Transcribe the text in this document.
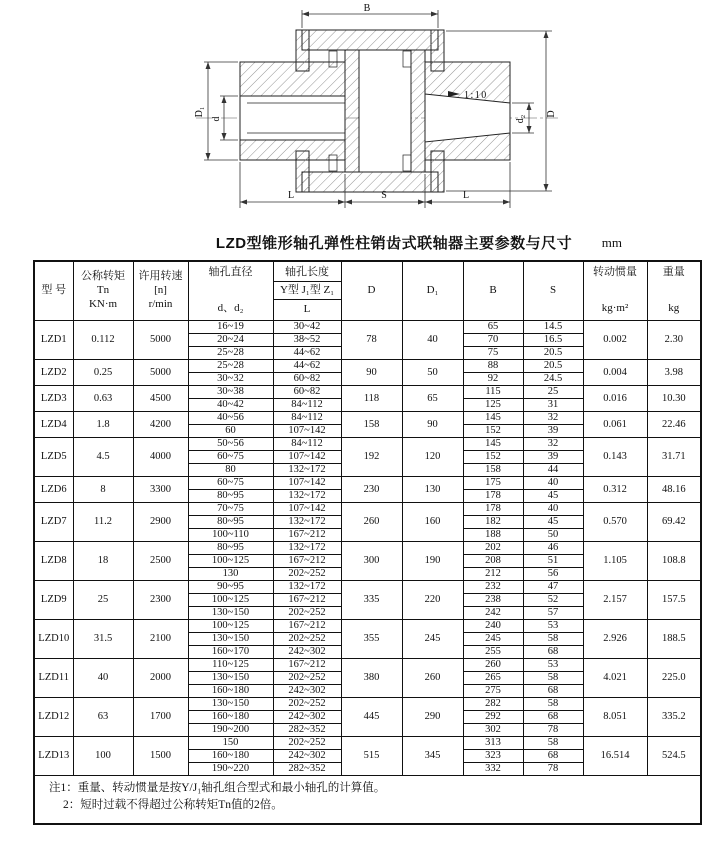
1:10
B
D₁
d	d₂
D
L	S	L
LZD型锥形轴孔弹性柱销齿式联轴器主要参数与尺寸	mm
型 号	
公称转矩
Tn
KN·m

许用转速
[n]
r/min

轴孔直径
d、d₂

轴孔长度
Y型 J₁型 Z₁
L
	D	D₁	B	S	
转动惯量
kg·m²

重量
kg

LZD1	0.112	5000	16~19	30~42	78	40	65	14.5	0.002	2.30
			20~24	38~52			70	16.5		
			25~28	44~62			75	20.5		
LZD2	0.25	5000	25~28	44~62	90	50	88	20.5	0.004	3.98
			30~32	60~82			92	24.5		
LZD3	0.63	4500	30~38	60~82	118	65	115	25	0.016	10.30
			40~42	84~112			125	31		
LZD4	1.8	4200	40~56	84~112	158	90	145	32	0.061	22.46
			60	107~142			152	39		
LZD5	4.5	4000	50~56	84~112	192	120	145	32	0.143	31.71
			60~75	107~142			152	39		
			80	132~172			158	44		
LZD6	8	3300	60~75	107~142	230	130	175	40	0.312	48.16
			80~95	132~172			178	45		
LZD7	11.2	2900	70~75	107~142	260	160	178	40	0.570	69.42
			80~95	132~172			182	45		
			100~110	167~212			188	50		
LZD8	18	2500	80~95	132~172	300	190	202	46	1.105	108.8
			100~125	167~212			208	51		
			130	202~252			212	56		
LZD9	25	2300	90~95	132~172	335	220	232	47	2.157	157.5
			100~125	167~212			238	52		
			130~150	202~252			242	57		
LZD10	31.5	2100	100~125	167~212	355	245	240	53	2.926	188.5
			130~150	202~252			245	58		
			160~170	242~302			255	68		
LZD11	40	2000	110~125	167~212	380	260	260	53	4.021	225.0
			130~150	202~252			265	58		
			160~180	242~302			275	68		
LZD12	63	1700	130~150	202~252	445	290	282	58	8.051	335.2
			160~180	242~302			292	68		
			190~200	282~352			302	78		
LZD13	100	1500	150	202~252	515	345	313	58	16.514	524.5
			160~180	242~302			323	68		
			190~220	282~352			332	78		

注1：重量、转动惯量是按Y/J₁轴孔组合型式和最小轴孔的计算值。
2：短时过载不得超过公称转矩Tn值的2倍。										
